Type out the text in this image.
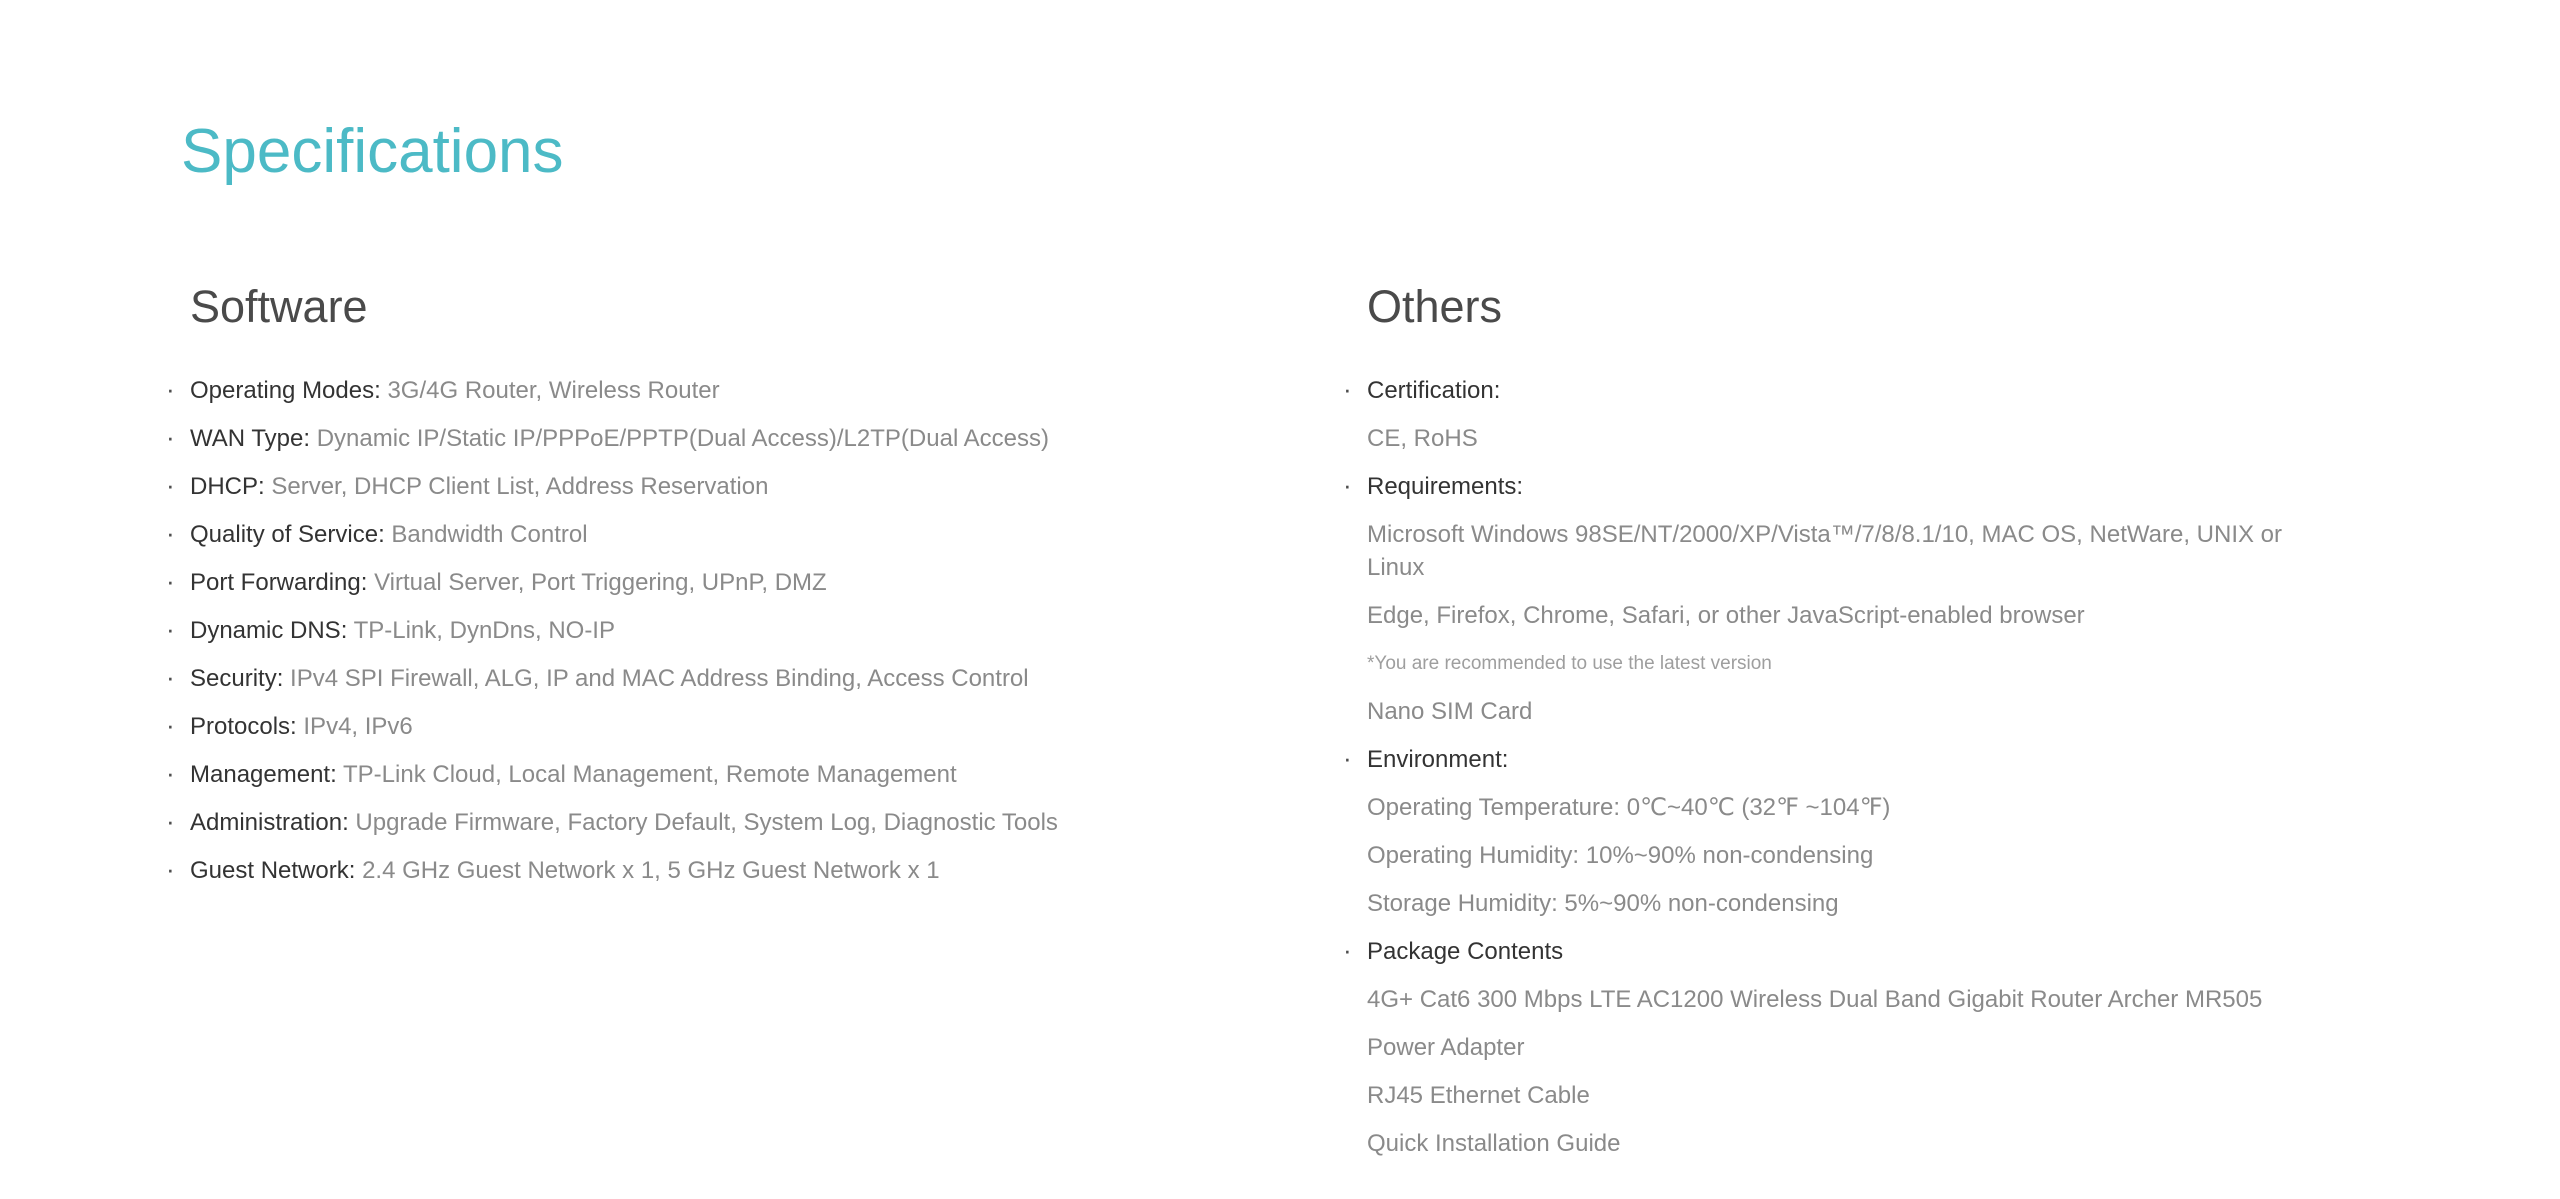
Specifications
Software
· Operating Modes: 3G/4G Router, Wireless Router
· WAN Type: Dynamic IP/Static IP/PPPoE/PPTP(Dual Access)/L2TP(Dual Access)
· DHCP: Server, DHCP Client List, Address Reservation
· Quality of Service: Bandwidth Control
· Port Forwarding: Virtual Server, Port Triggering, UPnP, DMZ
· Dynamic DNS: TP-Link, DynDns, NO-IP
· Security: IPv4 SPI Firewall, ALG, IP and MAC Address Binding, Access Control
· Protocols: IPv4, IPv6
· Management: TP-Link Cloud, Local Management, Remote Management
· Administration: Upgrade Firmware, Factory Default, System Log, Diagnostic Tools
· Guest Network: 2.4 GHz Guest Network x 1, 5 GHz Guest Network x 1
Others
· Certification:
CE, RoHS
· Requirements:
Microsoft Windows 98SE/NT/2000/XP/Vista™/7/8/8.1/10, MAC OS, NetWare, UNIX or Linux
Edge, Firefox, Chrome, Safari, or other JavaScript-enabled browser
*You are recommended to use the latest version
Nano SIM Card
· Environment:
Operating Temperature: 0℃~40℃ (32℉ ~104℉)
Operating Humidity: 10%~90% non-condensing
Storage Humidity: 5%~90% non-condensing
· Package Contents
4G+ Cat6 300 Mbps LTE AC1200 Wireless Dual Band Gigabit Router Archer MR505
Power Adapter
RJ45 Ethernet Cable
Quick Installation Guide
